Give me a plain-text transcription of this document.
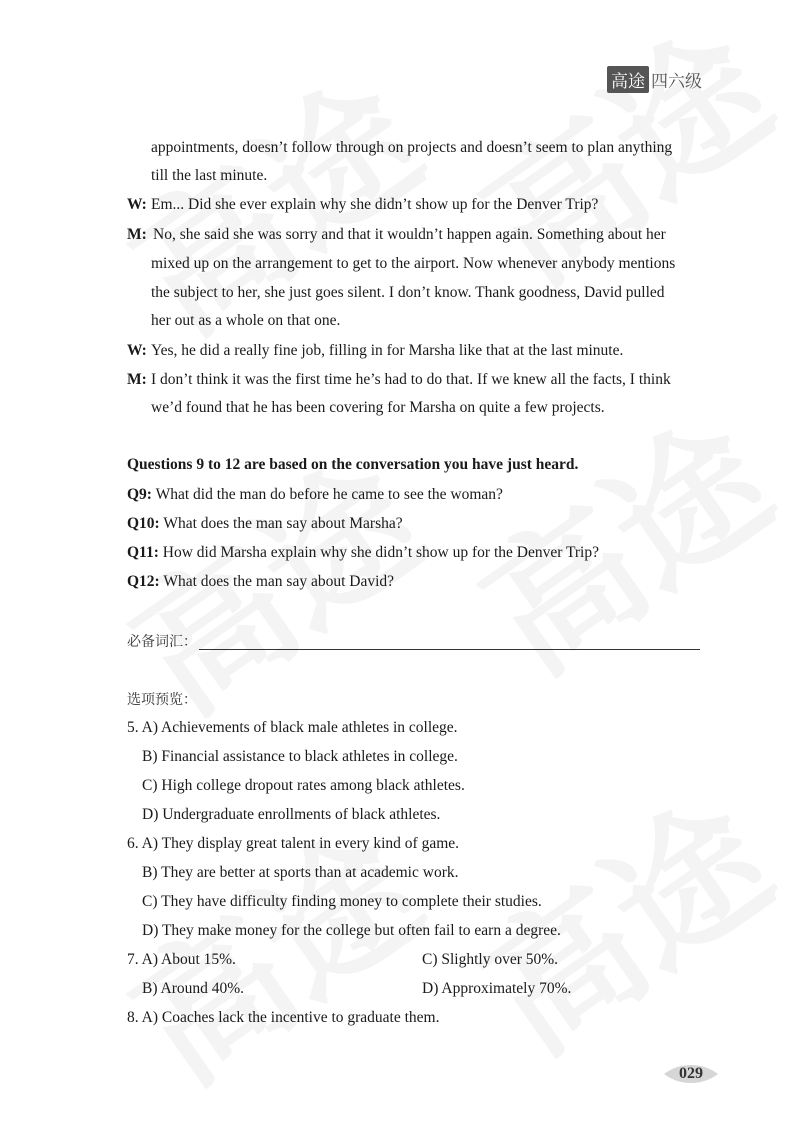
高途 四六级
appointments, doesn’t follow through on projects and doesn’t seem to plan anything
till the last minute.
W: Em... Did she ever explain why she didn’t show up for the Denver Trip?
M: No, she said she was sorry and that it wouldn’t happen again. Something about her
mixed up on the arrangement to get to the airport. Now whenever anybody mentions
the subject to her, she just goes silent. I don’t know. Thank goodness, David pulled
her out as a whole on that one.
W: Yes, he did a really fine job, filling in for Marsha like that at the last minute.
M: I don’t think it was the first time he’s had to do that. If we knew all the facts, I think
we’d found that he has been covering for Marsha on quite a few projects.
Questions 9 to 12 are based on the conversation you have just heard.
Q9: What did the man do before he came to see the woman?
Q10: What does the man say about Marsha?
Q11: How did Marsha explain why she didn’t show up for the Denver Trip?
Q12: What does the man say about David?
必备词汇：
选项预览：
5. A) Achievements of black male athletes in college.
B) Financial assistance to black athletes in college.
C) High college dropout rates among black athletes.
D) Undergraduate enrollments of black athletes.
6. A) They display great talent in every kind of game.
B) They are better at sports than at academic work.
C) They have difficulty finding money to complete their studies.
D) They make money for the college but often fail to earn a degree.
7. A) About 15%.	C) Slightly over 50%.
B) Around 40%.	D) Approximately 70%.
8. A) Coaches lack the incentive to graduate them.
029
